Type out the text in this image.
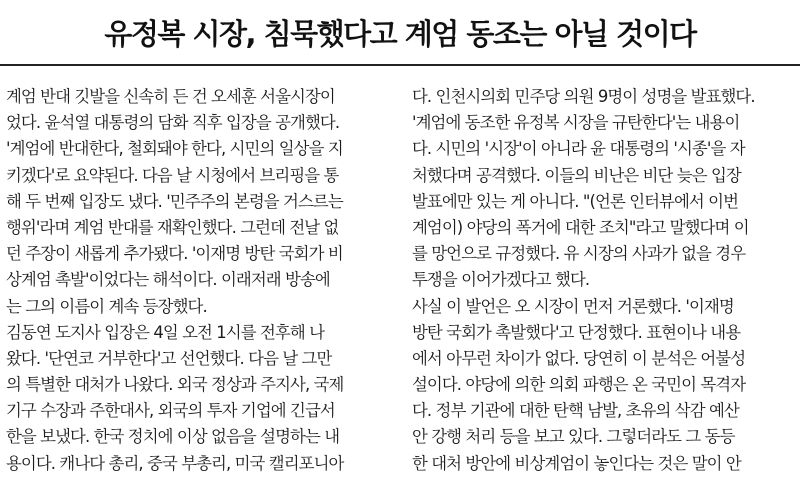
유정복 시장, 침묵했다고 계엄 동조는 아닐 것이다
계엄 반대 깃발을 신속히 든 건 오세훈 서울시장이
었다. 윤석열 대통령의 담화 직후 입장을 공개했다.
'계엄에 반대한다, 철회돼야 한다, 시민의 일상을 지
키겠다'로 요약된다. 다음 날 시청에서 브리핑을 통
해 두 번째 입장도 냈다. '민주주의 본령을 거스르는
행위'라며 계엄 반대를 재확인했다. 그런데 전날 없
던 주장이 새롭게 추가됐다. '이재명 방탄 국회가 비
상계엄 촉발'이었다는 해석이다. 이래저래 방송에
는 그의 이름이 계속 등장했다.
김동연 도지사 입장은 4일 오전 1시를 전후해 나
왔다. '단연코 거부한다'고 선언했다. 다음 날 그만
의 특별한 대처가 나왔다. 외국 정상과 주지사, 국제
기구 수장과 주한대사, 외국의 투자 기업에 긴급서
한을 보냈다. 한국 정치에 이상 없음을 설명하는 내
용이다. 캐나다 총리, 중국 부총리, 미국 캘리포니아
다. 인천시의회 민주당 의원 9명이 성명을 발표했다.
'계엄에 동조한 유정복 시장을 규탄한다'는 내용이
다. 시민의 '시장'이 아니라 윤 대통령의 '시종'을 자
처했다며 공격했다. 이들의 비난은 비단 늦은 입장
발표에만 있는 게 아니다. "(언론 인터뷰에서 이번
계엄이) 야당의 폭거에 대한 조치"라고 말했다며 이
를 망언으로 규정했다. 유 시장의 사과가 없을 경우
투쟁을 이어가겠다고 했다.
사실 이 발언은 오 시장이 먼저 거론했다. '이재명
방탄 국회가 촉발했다'고 단정했다. 표현이나 내용
에서 아무런 차이가 없다. 당연히 이 분석은 어불성
설이다. 야당에 의한 의회 파행은 온 국민이 목격자
다. 정부 기관에 대한 탄핵 남발, 초유의 삭감 예산
안 강행 처리 등을 보고 있다. 그렇더라도 그 동등
한 대처 방안에 비상계엄이 놓인다는 것은 말이 안
